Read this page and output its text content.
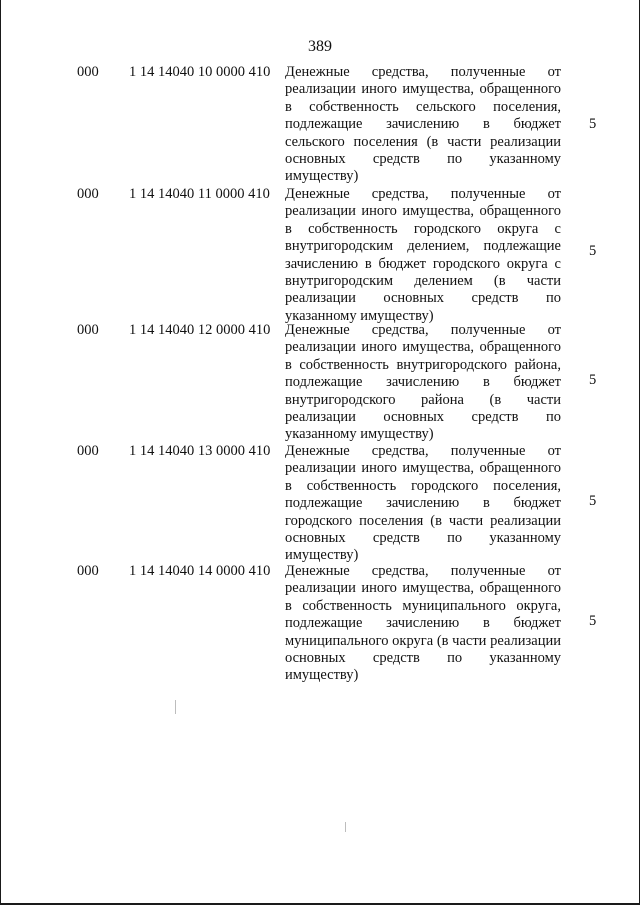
389
000 1 14 14040 10 0000 410 Денежные средства, полученные от реализации иного имущества, обращенного в собственность сельского поселения, подлежащие зачислению в бюджет сельского поселения (в части реализации основных средств по указанному имуществу)
5
000 1 14 14040 11 0000 410 Денежные средства, полученные от реализации иного имущества, обращенного в собственность городского округа с внутригородским делением, подлежащие зачислению в бюджет городского округа с внутригородским делением (в части реализации основных средств по указанному имуществу)
5
000 1 14 14040 12 0000 410 Денежные средства, полученные от реализации иного имущества, обращенного в собственность внутригородского района, подлежащие зачислению в бюджет внутригородского района (в части реализации основных средств по указанному имуществу)
5
000 1 14 14040 13 0000 410 Денежные средства, полученные от реализации иного имущества, обращенного в собственность городского поселения, подлежащие зачислению в бюджет городского поселения (в части реализации основных средств по указанному имуществу)
5
000 1 14 14040 14 0000 410 Денежные средства, полученные от реализации иного имущества, обращенного в собственность муниципального округа, подлежащие зачислению в бюджет муниципального округа (в части реализации основных средств по указанному имуществу)
5
